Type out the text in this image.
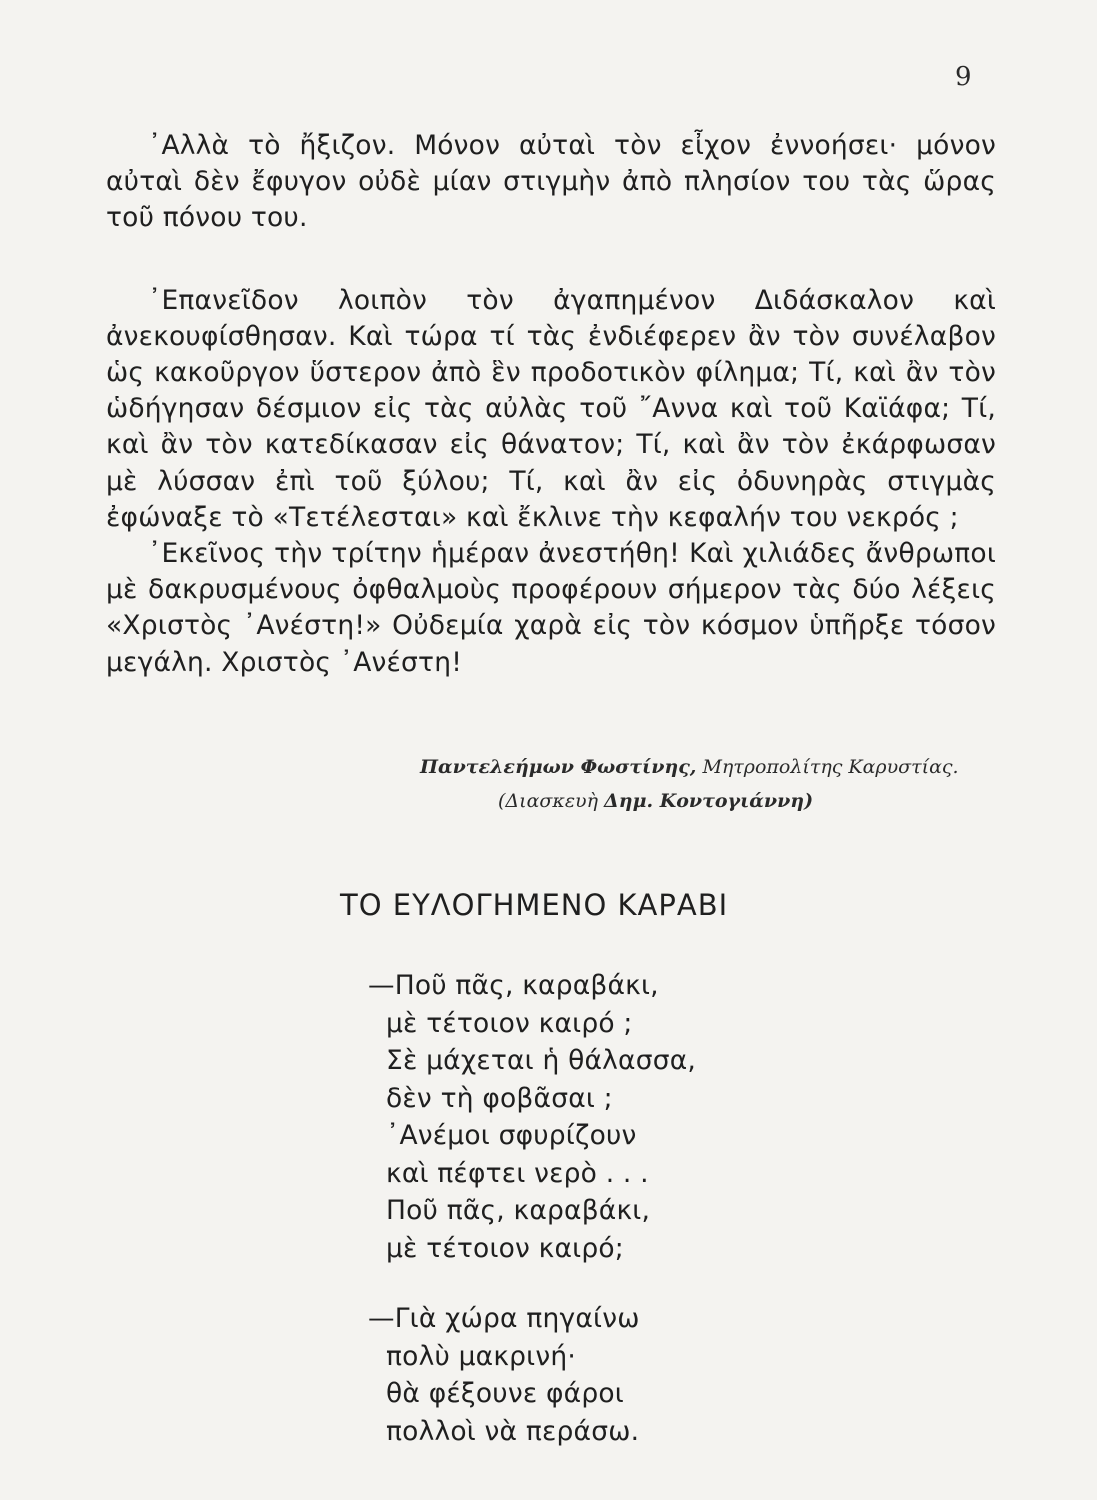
9

᾽Αλλὰ τὸ ἤξιζον. Μόνον αὐταὶ τὸν εἶχον ἐννοήσει· μόνον αὐταὶ δὲν ἔφυγον οὐδὲ μίαν στιγμὴν ἀπὸ πλησίον του τὰς ὥρας τοῦ πόνου του.

᾽Επανεῖδον λοιπὸν τὸν ἀγαπημένον Διδάσκαλον καὶ ἀνεκουφίσθησαν. Καὶ τώρα τί τὰς ἐνδιέφερεν ἂν τὸν συνέλαβον ὡς κακοῦργον ὕστερον ἀπὸ ἓν προδοτικὸν φίλημα; Τί, καὶ ἂν τὸν ὡδήγησαν δέσμιον εἰς τὰς αὐλὰς τοῦ ῎Αννα καὶ τοῦ Καϊάφα; Τί, καὶ ἂν τὸν κατεδίκασαν εἰς θάνατον; Τί, καὶ ἂν τὸν ἐκάρφωσαν μὲ λύσσαν ἐπὶ τοῦ ξύλου; Τί, καὶ ἂν εἰς ὀδυνηρὰς στιγμὰς ἐφώναξε τὸ «Τετέλεσται» καὶ ἔκλινε τὴν κεφαλήν του νεκρός ;

᾽Εκεῖνος τὴν τρίτην ἡμέραν ἀνεστήθη! Καὶ χιλιάδες ἄνθρωποι μὲ δακρυσμένους ὀφθαλμοὺς προφέρουν σήμερον τὰς δύο λέξεις «Χριστὸς ᾽Ανέστη!» Οὐδεμία χαρὰ εἰς τὸν κόσμον ὑπῆρξε τόσον μεγάλη. Χριστὸς ᾽Ανέστη!

Παντελεήμων Φωστίνης, Μητροπολίτης Καρυστίας.
(Διασκευὴ Δημ. Κοντογιάννη)
ΤΟ ΕΥΛΟΓΗΜΕΝΟ ΚΑΡΑΒΙ
—Ποῦ πᾶς, καραβάκι,
μὲ τέτοιον καιρό ;
Σὲ μάχεται ἡ θάλασσα,
δὲν τὴ φοβᾶσαι ;
᾽Ανέμοι σφυρίζουν
καὶ πέφτει νερὸ . . .
Ποῦ πᾶς, καραβάκι,
μὲ τέτοιον καιρό;
—Γιὰ χώρα πηγαίνω
πολὺ μακρινή·
θὰ φέξουνε φάροι
πολλοὶ νὰ περάσω.
